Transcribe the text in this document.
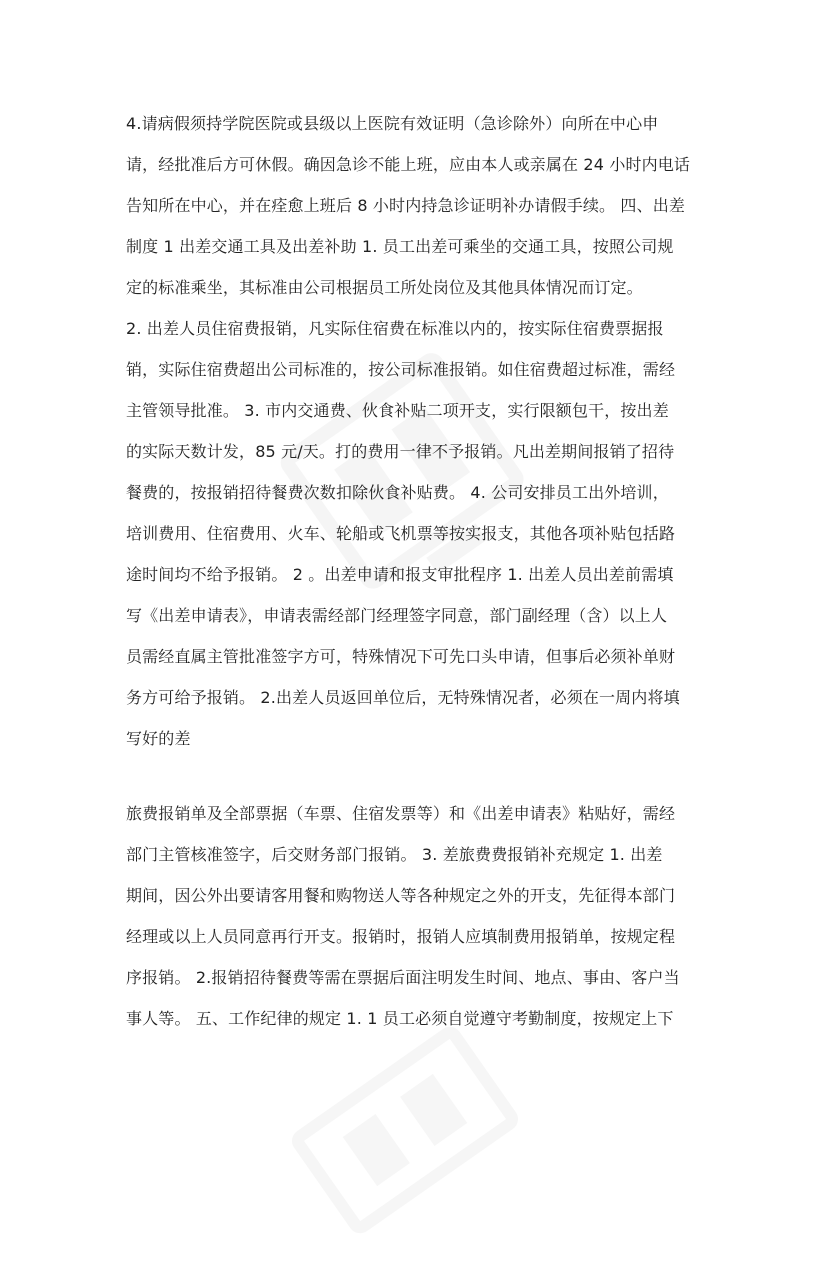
4.请病假须持学院医院或县级以上医院有效证明（急诊除外）向所在中心申
请，经批准后方可休假。确因急诊不能上班，应由本人或亲属在 24 小时内电话
告知所在中心，并在痊愈上班后 8 小时内持急诊证明补办请假手续。 四、出差
制度 1 出差交通工具及出差补助 1. 员工出差可乘坐的交通工具，按照公司规
定的标准乘坐，其标准由公司根据员工所处岗位及其他具体情况而订定。
2. 出差人员住宿费报销，凡实际住宿费在标准以内的，按实际住宿费票据报
销，实际住宿费超出公司标准的，按公司标准报销。如住宿费超过标准，需经
主管领导批准。 3. 市内交通费、伙食补贴二项开支，实行限额包干，按出差
的实际天数计发，85 元/天。打的费用一律不予报销。凡出差期间报销了招待
餐费的，按报销招待餐费次数扣除伙食补贴费。 4. 公司安排员工出外培训，
培训费用、住宿费用、火车、轮船或飞机票等按实报支，其他各项补贴包括路
途时间均不给予报销。 2 。出差申请和报支审批程序 1. 出差人员出差前需填
写《出差申请表》，申请表需经部门经理签字同意，部门副经理（含）以上人
员需经直属主管批准签字方可，特殊情况下可先口头申请，但事后必须补单财
务方可给予报销。 2.出差人员返回单位后，无特殊情况者，必须在一周内将填
写好的差
旅费报销单及全部票据（车票、住宿发票等）和《出差申请表》粘贴好，需经
部门主管核准签字，后交财务部门报销。 3. 差旅费费报销补充规定 1. 出差
期间，因公外出要请客用餐和购物送人等各种规定之外的开支，先征得本部门
经理或以上人员同意再行开支。报销时，报销人应填制费用报销单，按规定程
序报销。 2.报销招待餐费等需在票据后面注明发生时间、地点、事由、客户当
事人等。 五、工作纪律的规定 1. 1 员工必须自觉遵守考勤制度，按规定上下
